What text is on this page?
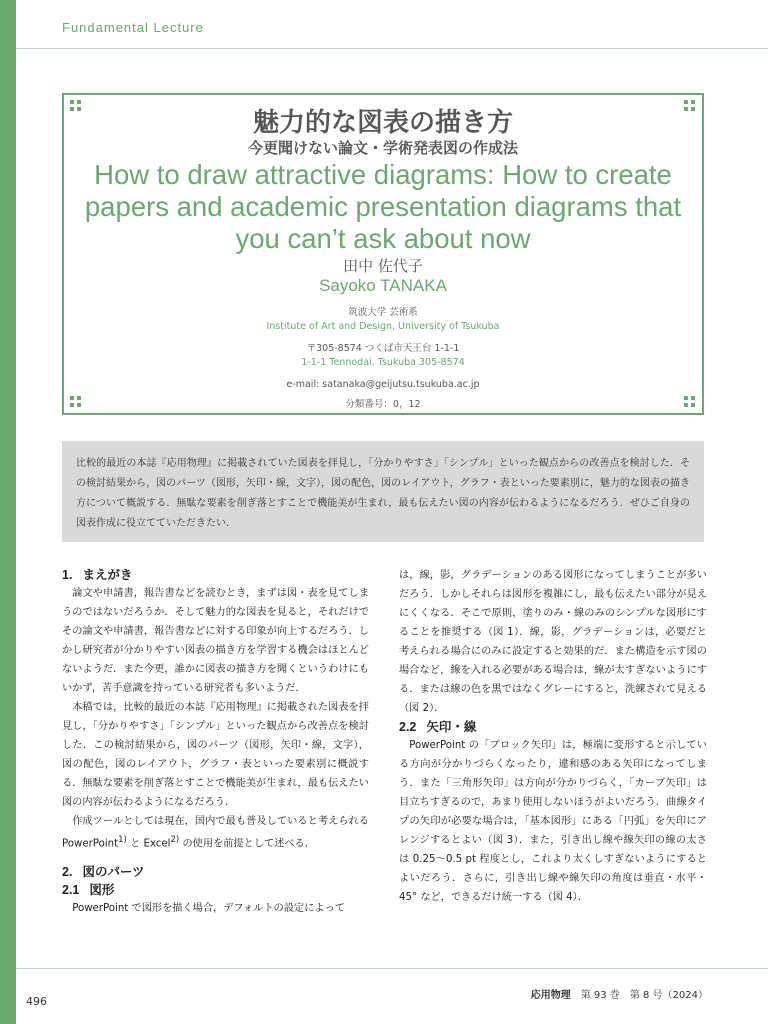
Fundamental Lecture
魅力的な図表の描き方
今更聞けない論文・学術発表図の作成法
How to draw attractive diagrams: How to create papers and academic presentation diagrams that you can’t ask about now
田中 佐代子
Sayoko TANAKA
筑波大学 芸術系
Institute of Art and Design, University of Tsukuba
〒305-8574 つくば市天王台 1-1-1
1-1-1 Tennodai, Tsukuba 305-8574
e-mail: satanaka@geijutsu.tsukuba.ac.jp
分類番号：0，12
比較的最近の本誌『応用物理』に掲載されていた図表を拝見し，「分かりやすさ」「シンプル」といった観点からの改善点を検討した．その検討結果から，図のパーツ（図形，矢印・線，文字），図の配色，図のレイアウト，グラフ・表といった要素別に，魅力的な図表の描き方について概説する．無駄な要素を削ぎ落とすことで機能美が生まれ，最も伝えたい図の内容が伝わるようになるだろう．ぜひご自身の図表作成に役立てていただきたい．
1. まえがき

論文や申請書，報告書などを読むとき，まずは図・表を見てしまうのではないだろうか．そして魅力的な図表を見ると，それだけでその論文や申請書，報告書などに対する印象が向上するだろう．しかし研究者が分かりやすい図表の描き方を学習する機会はほとんどないようだ．また今更，誰かに図表の描き方を聞くというわけにもいかず，苦手意識を持っている研究者も多いようだ．

本稿では，比較的最近の本誌『応用物理』に掲載された図表を拝見し，「分かりやすさ」「シンプル」といった観点から改善点を検討した．この検討結果から，図のパーツ（図形，矢印・線，文字），図の配色，図のレイアウト，グラフ・表といった要素別に概説する．無駄な要素を削ぎ落とすことで機能美が生まれ，最も伝えたい図の内容が伝わるようになるだろう．

作成ツールとしては現在，国内で最も普及していると考えられる PowerPoint$^{1)}$ と Excel$^{2)}$ の使用を前提として述べる．

2. 図のパーツ
2.1 図形

PowerPoint で図形を描く場合，デフォルトの設定によって

は，線，影，グラデーションのある図形になってしまうことが多いだろう．しかしそれらは図形を複雑にし，最も伝えたい部分が見えにくくなる．そこで原則，塗りのみ・線のみのシンプルな図形にすることを推奨する（図 1）．線，影，グラデーションは，必要だと考えられる場合にのみに設定すると効果的だ．また構造を示す図の場合など，線を入れる必要がある場合は，線が太すぎないようにする．または線の色を黒ではなくグレーにすると，洗練されて見える（図 2）．

2.2 矢印・線

PowerPoint の「ブロック矢印」は，極端に変形すると示している方向が分かりづらくなったり，違和感のある矢印になってしまう．また「三角形矢印」は方向が分かりづらく，「カーブ矢印」は目立ちすぎるので，あまり使用しないほうがよいだろう．曲線タイプの矢印が必要な場合は，「基本図形」にある「円弧」を矢印にアレンジするとよい（図 3）．また，引き出し線や線矢印の線の太さは 0.25〜0.5 pt 程度とし，これより太くしすぎないようにするとよいだろう．さらに，引き出し線や線矢印の角度は垂直・水平・45° など，できるだけ統一する（図 4）．

496	応用物理 第 93 巻　第 8 号（2024）
